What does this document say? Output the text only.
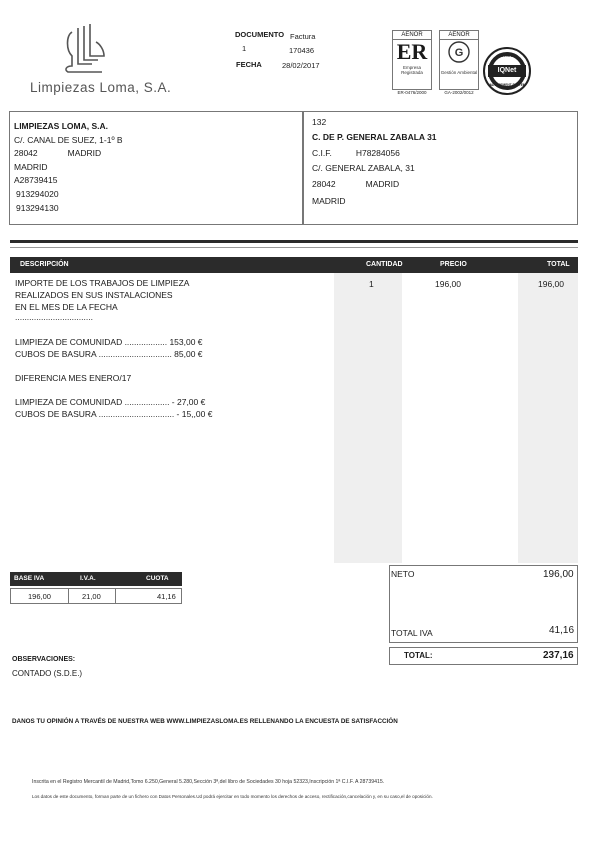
Limpiezas Loma, S.A.
DOCUMENTO Factura
1	170436
FECHA	28/02/2017
AENOR
ER
Empresa Registrada
ER-0476/2000
AENOR
G
Gestión Ambiental
GA-2002/0012
CERTIFIED
IQNet
MANAGEMENT SYSTEM
LIMPIEZAS LOMA, S.A.
C/. CANAL DE SUEZ, 1-1º B
28042	MADRID
MADRID
A28739415
913294020
913294130
132
C. DE P. GENERAL ZABALA 31
C.I.F.	H78284056
C/. GENERAL ZABALA, 31
28042	MADRID
MADRID
DESCRIPCIÓN	CANTIDAD	PRECIO	TOTAL
IMPORTE DE LOS TRABAJOS DE LIMPIEZA
REALIZADOS EN SUS INSTALACIONES
EN EL MES DE LA FECHA
.................................
LIMPIEZA DE COMUNIDAD .................. 153,00 €
CUBOS DE BASURA ............................... 85,00 €
DIFERENCIA MES ENERO/17
LIMPIEZA DE COMUNIDAD ................... - 27,00 €
CUBOS DE BASURA ................................ - 15,,00 €
1	196,00	196,00
BASE IVA	I.V.A.	CUOTA
196,00	21,00	41,16
NETO	196,00
TOTAL IVA	41,16
TOTAL:	237,16
OBSERVACIONES:
CONTADO (S.D.E.)
DANOS TU OPINIÓN A TRAVÉS DE NUESTRA WEB WWW.LIMPIEZASLOMA.ES RELLENANDO LA ENCUESTA DE SATISFACCIÓN
Inscrita en el Registro Mercantil de Madrid,Tomo 6.250,General 5.280,Sección 3ª,del libro de Sociedades 30 hoja 52323,Inscripción 1ª C.I.F. A 28739415.
Los datos de este documento, forman parte de un fichero con Datos Personales.Ud podrá ejercitar en todo momento los derechos de acceso, rectificación,cancelación y, en su caso,el de oposición.
